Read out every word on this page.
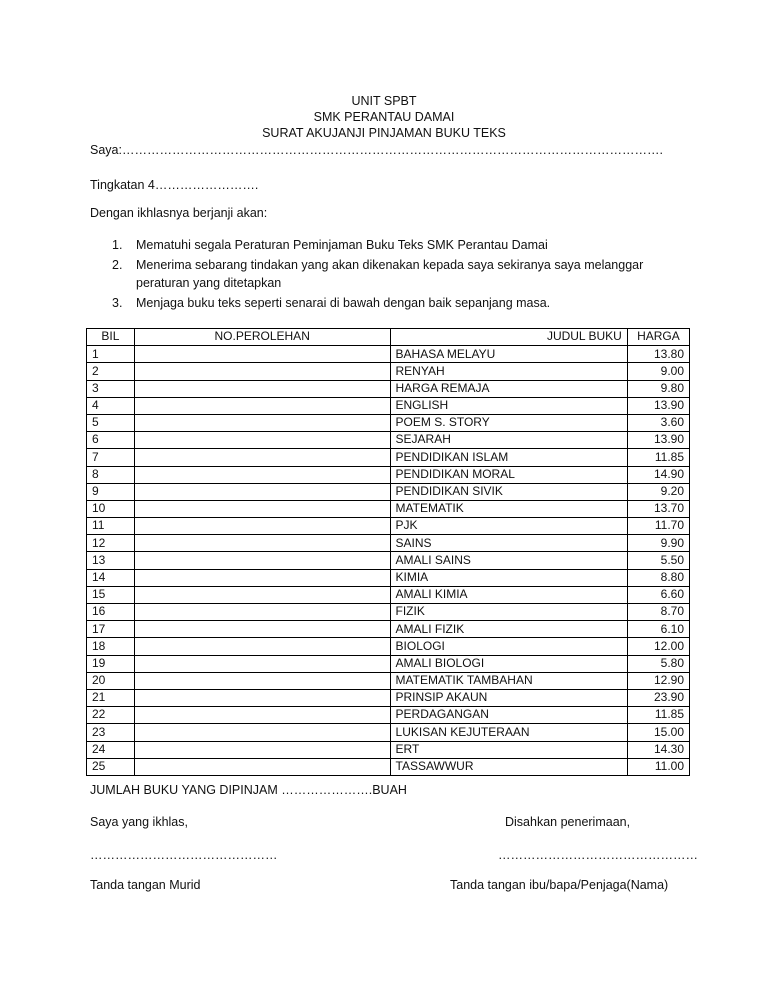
UNIT SPBT
SMK PERANTAU DAMAI
SURAT AKUJANJI PINJAMAN BUKU TEKS
Saya:………………………………………………………………………………………………………………….
Tingkatan 4…………………….
Dengan ikhlasnya berjanji akan:
1. Mematuhi segala Peraturan Peminjaman Buku Teks SMK Perantau Damai
2. Menerima sebarang tindakan yang akan dikenakan kepada saya sekiranya saya melanggar
peraturan yang ditetapkan
3. Menjaga buku teks seperti senarai di bawah dengan baik sepanjang masa.
BIL	NO.PEROLEHAN	JUDUL BUKU	HARGA
1		BAHASA MELAYU	13.80
2		RENYAH	9.00
3		HARGA REMAJA	9.80
4		ENGLISH	13.90
5		POEM S. STORY	3.60
6		SEJARAH	13.90
7		PENDIDIKAN ISLAM	11.85
8		PENDIDIKAN MORAL	14.90
9		PENDIDIKAN SIVIK	9.20
10		MATEMATIK	13.70
11		PJK	11.70
12		SAINS	9.90
13		AMALI SAINS	5.50
14		KIMIA	8.80
15		AMALI KIMIA	6.60
16		FIZIK	8.70
17		AMALI FIZIK	6.10
18		BIOLOGI	12.00
19		AMALI BIOLOGI	5.80
20		MATEMATIK TAMBAHAN	12.90
21		PRINSIP AKAUN	23.90
22		PERDAGANGAN	11.85
23		LUKISAN KEJUTERAAN	15.00
24		ERT	14.30
25		TASSAWWUR	11.00
JUMLAH BUKU YANG DIPINJAM ………………….BUAH
Saya yang ikhlas,	Disahkan penerimaan,
………………………………………	…………………………………………
Tanda tangan Murid	Tanda tangan ibu/bapa/Penjaga(Nama)
